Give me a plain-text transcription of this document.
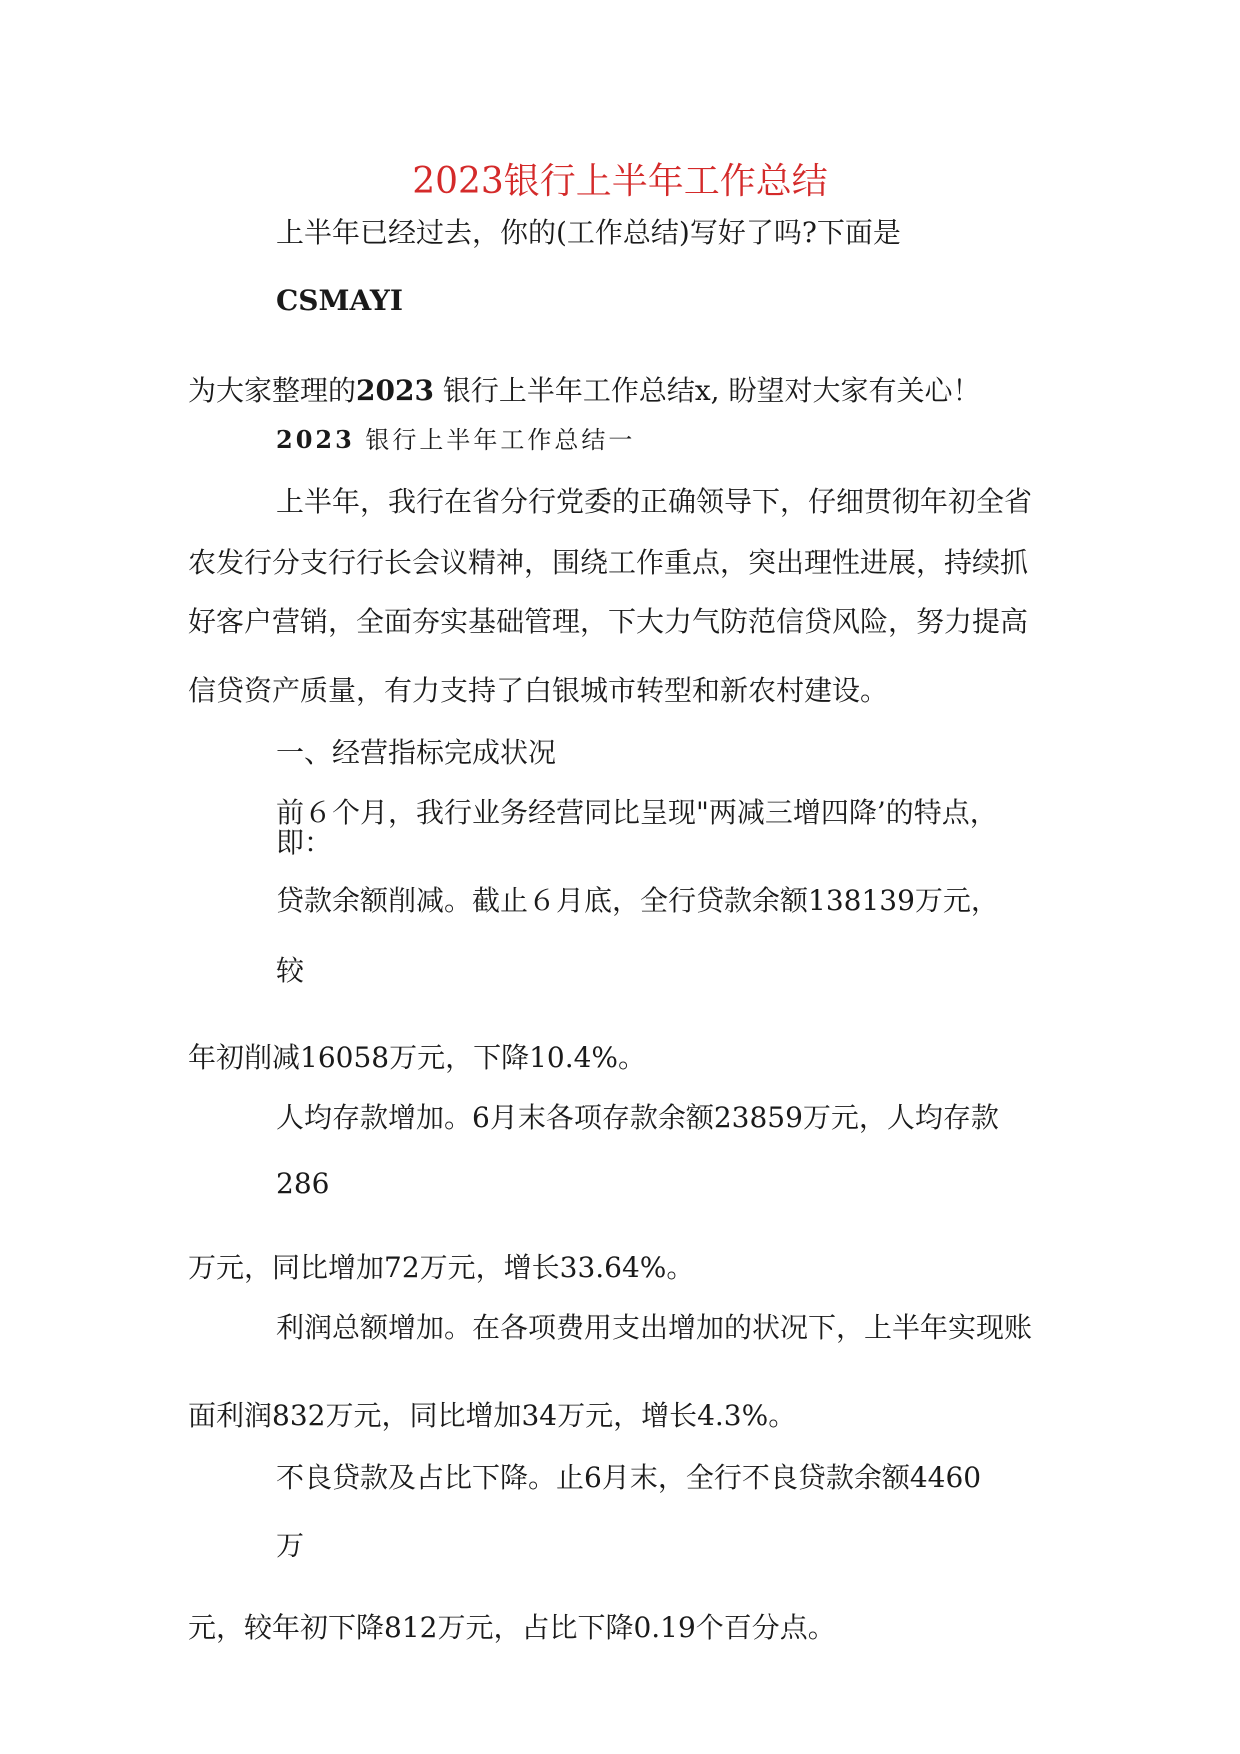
2023银行上半年工作总结
上半年已经过去，你的(工作总结)写好了吗?下面是
CSMAYI
为大家整理的2023 银行上半年工作总结x, 盼望对大家有关心！
2023 银行上半年工作总结一
上半年，我行在省分行党委的正确领导下，仔细贯彻年初全省
农发行分支行行长会议精神，围绕工作重点，突出理性进展，持续抓
好客户营销，全面夯实基础管理，下大力气防范信贷风险，努力提高
信贷资产质量，有力支持了白银城市转型和新农村建设。
一、经营指标完成状况
前６个月，我行业务经营同比呈现"两减三增四降’的特点，
即：
贷款余额削减。截止６月底，全行贷款余额138139万元，
较
年初削减16058万元，下降10.4%。
人均存款增加。6月末各项存款余额23859万元，人均存款
286
万元，同比增加72万元，增长33.64%。
利润总额增加。在各项费用支出增加的状况下，上半年实现账
面利润832万元，同比增加34万元，增长4.3%。
不良贷款及占比下降。止6月末，全行不良贷款余额4460
万
元，较年初下降812万元，占比下降0.19个百分点。
